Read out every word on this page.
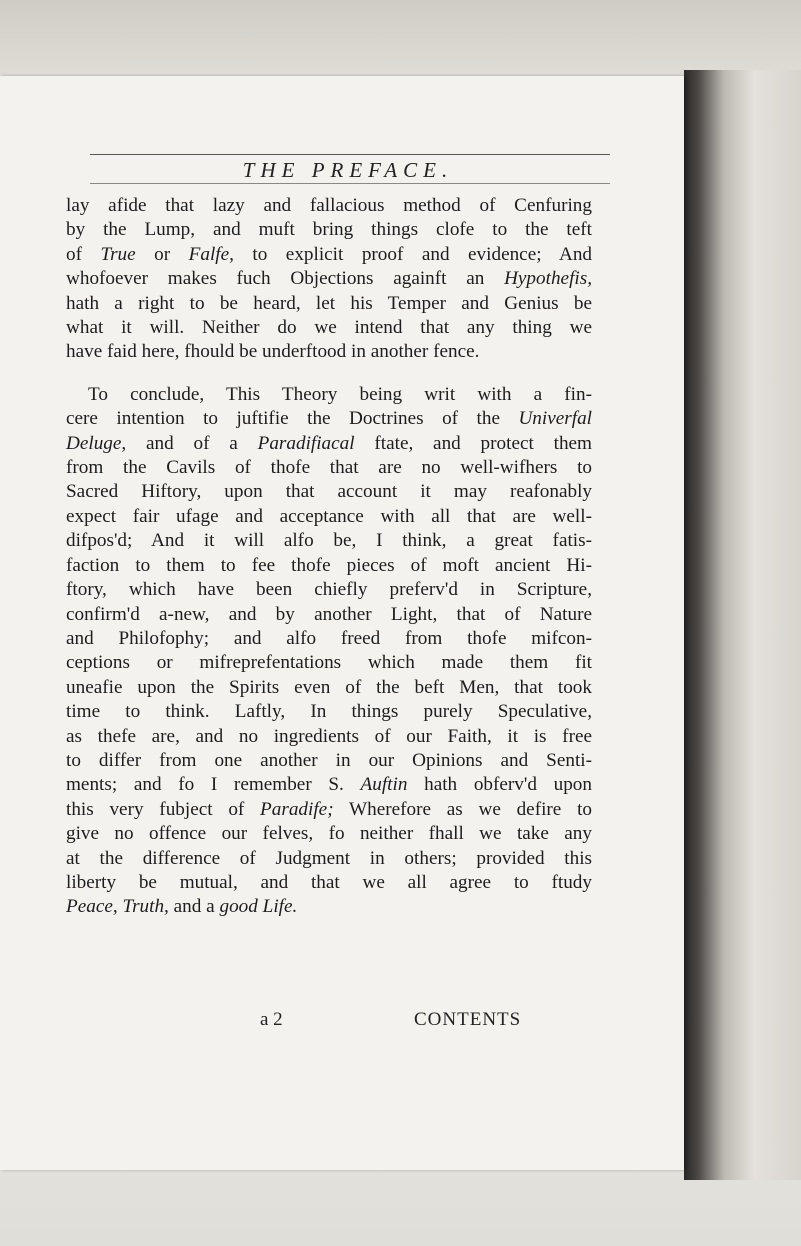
THE PREFACE.

lay afide that lazy and fallacious method of Cenfuring
by the Lump, and muft bring things clofe to the teft
of True or Falfe, to explicit proof and evidence; And
whofoever makes fuch Objections againft an Hypothefis,
hath a right to be heard, let his Temper and Genius be
what it will. Neither do we intend that any thing we
have faid here, fhould be underftood in another fence.

To conclude, This Theory being writ with a fin-
cere intention to juftifie the Doctrines of the Univerfal
Deluge, and of a Paradifiacal ftate, and protect them
from the Cavils of thofe that are no well-wifhers to
Sacred Hiftory, upon that account it may reafonably
expect fair ufage and acceptance with all that are well-
difpos'd; And it will alfo be, I think, a great fatis-
faction to them to fee thofe pieces of moft ancient Hi-
ftory, which have been chiefly preferv'd in Scripture,
confirm'd a-new, and by another Light, that of Nature
and Philofophy; and alfo freed from thofe mifcon-
ceptions or mifreprefentations which made them fit
uneafie upon the Spirits even of the beft Men, that took
time to think. Laftly, In things purely Speculative,
as thefe are, and no ingredients of our Faith, it is free
to differ from one another in our Opinions and Senti-
ments; and fo I remember S. Auftin hath obferv'd upon
this very fubject of Paradife; Wherefore as we defire to
give no offence our felves, fo neither fhall we take any
at the difference of Judgment in others; provided this
liberty be mutual, and that we all agree to ftudy
Peace, Truth, and a good Life.

a 2	CONTENTS
